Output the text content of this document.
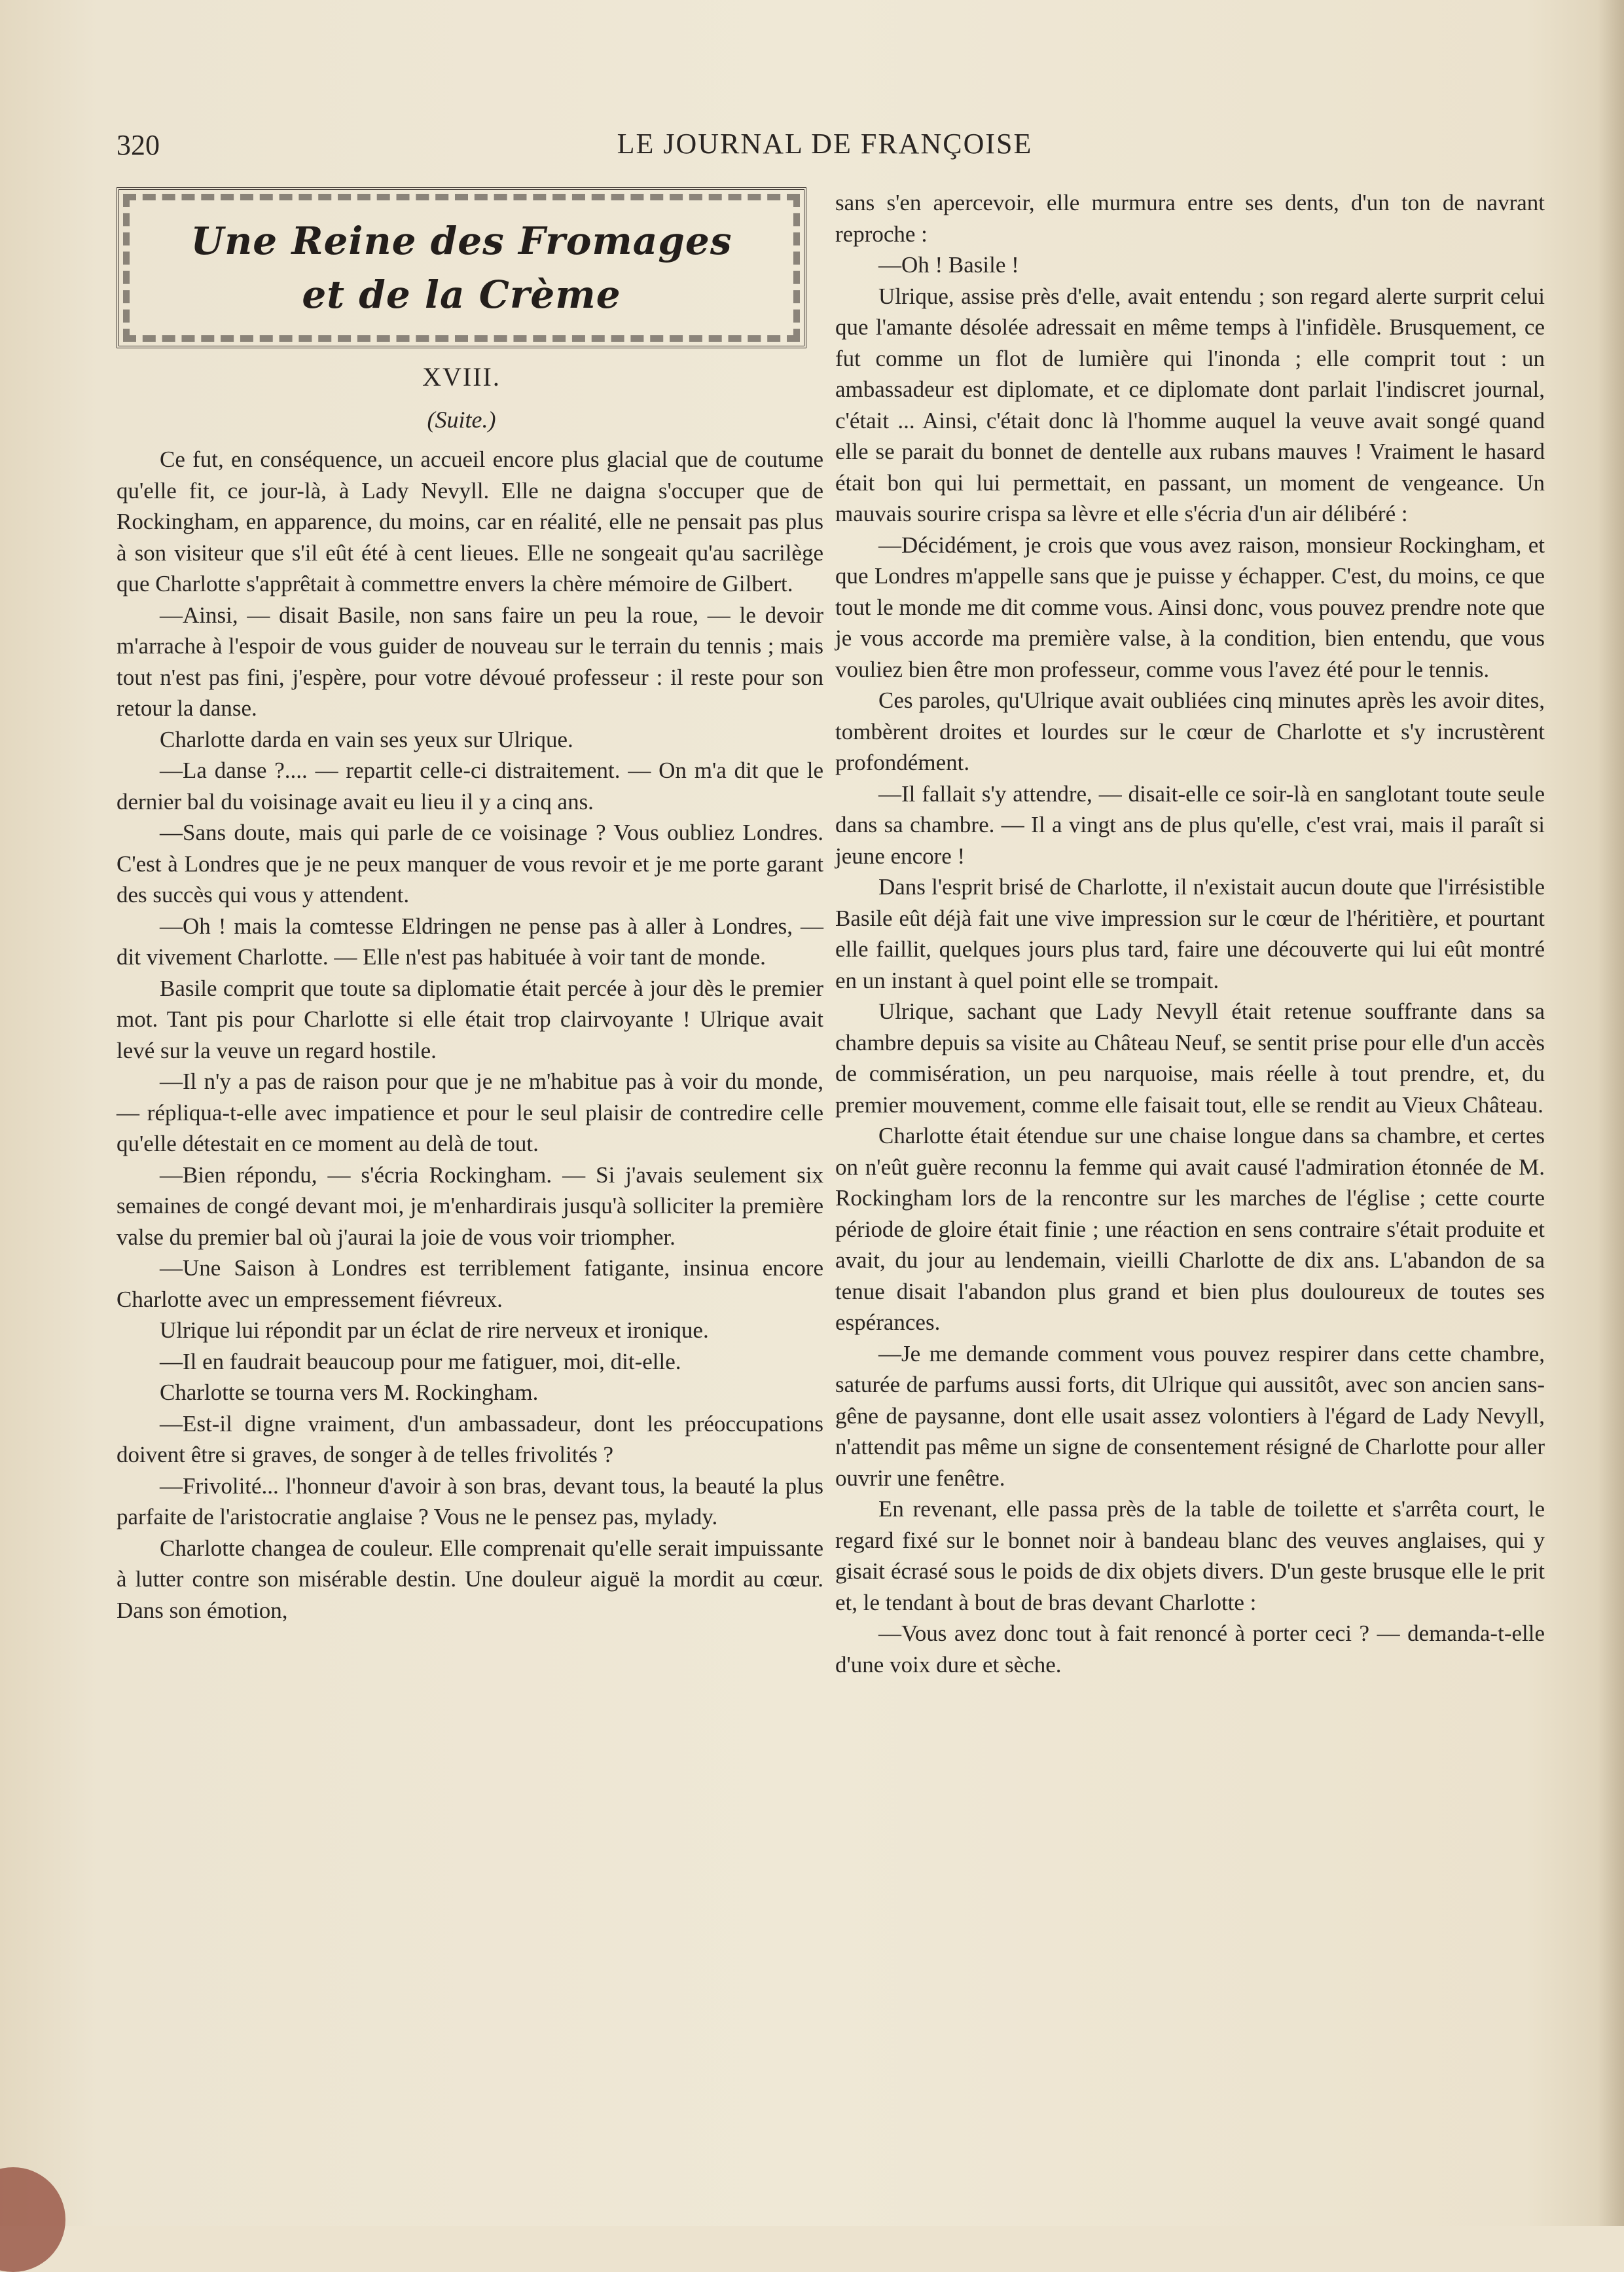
320	LE JOURNAL DE FRANÇOISE
Une Reine des Fromages
et de la Crème
XVIII.
(Suite.)

Ce fut, en conséquence, un accueil encore plus glacial que de coutume qu'elle fit, ce jour-là, à Lady Nevyll. Elle ne daigna s'occuper que de Rockingham, en apparence, du moins, car en réalité, elle ne pensait pas plus à son visiteur que s'il eût été à cent lieues. Elle ne songeait qu'au sacrilège que Charlotte s'apprêtait à commettre envers la chère mémoire de Gilbert.

—Ainsi, — disait Basile, non sans faire un peu la roue, — le devoir m'arrache à l'espoir de vous guider de nouveau sur le terrain du tennis ; mais tout n'est pas fini, j'espère, pour votre dévoué professeur : il reste pour son retour la danse.

Charlotte darda en vain ses yeux sur Ulrique.

—La danse ?.... — repartit celle-ci distraitement. — On m'a dit que le dernier bal du voisinage avait eu lieu il y a cinq ans.

—Sans doute, mais qui parle de ce voisinage ? Vous oubliez Londres. C'est à Londres que je ne peux manquer de vous revoir et je me porte garant des succès qui vous y attendent.

—Oh ! mais la comtesse Eldringen ne pense pas à aller à Londres, — dit vivement Charlotte. — Elle n'est pas habituée à voir tant de monde.

Basile comprit que toute sa diplomatie était percée à jour dès le premier mot. Tant pis pour Charlotte si elle était trop clairvoyante ! Ulrique avait levé sur la veuve un regard hostile.

—Il n'y a pas de raison pour que je ne m'habitue pas à voir du monde, — répliqua-t-elle avec impatience et pour le seul plaisir de contredire celle qu'elle détestait en ce moment au delà de tout.

—Bien répondu, — s'écria Rockingham. — Si j'avais seulement six semaines de congé devant moi, je m'enhardirais jusqu'à solliciter la première valse du premier bal où j'aurai la joie de vous voir triompher.

—Une Saison à Londres est terriblement fatigante, insinua encore Charlotte avec un empressement fiévreux.

Ulrique lui répondit par un éclat de rire nerveux et ironique.

—Il en faudrait beaucoup pour me fatiguer, moi, dit-elle.

Charlotte se tourna vers M. Rockingham.

—Est-il digne vraiment, d'un ambassadeur, dont les préoccupations doivent être si graves, de songer à de telles frivolités ?

—Frivolité... l'honneur d'avoir à son bras, devant tous, la beauté la plus parfaite de l'aristocratie anglaise ? Vous ne le pensez pas, mylady.

Charlotte changea de couleur. Elle comprenait qu'elle serait impuissante à lutter contre son misérable destin. Une douleur aiguë la mordit au cœur. Dans son émotion,

sans s'en apercevoir, elle murmura entre ses dents, d'un ton de navrant reproche :

—Oh ! Basile !

Ulrique, assise près d'elle, avait entendu ; son regard alerte surprit celui que l'amante désolée adressait en même temps à l'infidèle. Brusquement, ce fut comme un flot de lumière qui l'inonda ; elle comprit tout : un ambassadeur est diplomate, et ce diplomate dont parlait l'indiscret journal, c'était ... Ainsi, c'était donc là l'homme auquel la veuve avait songé quand elle se parait du bonnet de dentelle aux rubans mauves ! Vraiment le hasard était bon qui lui permettait, en passant, un moment de vengeance. Un mauvais sourire crispa sa lèvre et elle s'écria d'un air délibéré :

—Décidément, je crois que vous avez raison, monsieur Rockingham, et que Londres m'appelle sans que je puisse y échapper. C'est, du moins, ce que tout le monde me dit comme vous. Ainsi donc, vous pouvez prendre note que je vous accorde ma première valse, à la condition, bien entendu, que vous vouliez bien être mon professeur, comme vous l'avez été pour le tennis.

Ces paroles, qu'Ulrique avait oubliées cinq minutes après les avoir dites, tombèrent droites et lourdes sur le cœur de Charlotte et s'y incrustèrent profondément.

—Il fallait s'y attendre, — disait-elle ce soir-là en sanglotant toute seule dans sa chambre. — Il a vingt ans de plus qu'elle, c'est vrai, mais il paraît si jeune encore !

Dans l'esprit brisé de Charlotte, il n'existait aucun doute que l'irrésistible Basile eût déjà fait une vive impression sur le cœur de l'héritière, et pourtant elle faillit, quelques jours plus tard, faire une découverte qui lui eût montré en un instant à quel point elle se trompait.

Ulrique, sachant que Lady Nevyll était retenue souffrante dans sa chambre depuis sa visite au Château Neuf, se sentit prise pour elle d'un accès de commisération, un peu narquoise, mais réelle à tout prendre, et, du premier mouvement, comme elle faisait tout, elle se rendit au Vieux Château.

Charlotte était étendue sur une chaise longue dans sa chambre, et certes on n'eût guère reconnu la femme qui avait causé l'admiration étonnée de M. Rockingham lors de la rencontre sur les marches de l'église ; cette courte période de gloire était finie ; une réaction en sens contraire s'était produite et avait, du jour au lendemain, vieilli Charlotte de dix ans. L'abandon de sa tenue disait l'abandon plus grand et bien plus douloureux de toutes ses espérances.

—Je me demande comment vous pouvez respirer dans cette chambre, saturée de parfums aussi forts, dit Ulrique qui aussitôt, avec son ancien sans-gêne de paysanne, dont elle usait assez volontiers à l'égard de Lady Nevyll, n'attendit pas même un signe de consentement résigné de Charlotte pour aller ouvrir une fenêtre.

En revenant, elle passa près de la table de toilette et s'arrêta court, le regard fixé sur le bonnet noir à bandeau blanc des veuves anglaises, qui y gisait écrasé sous le poids de dix objets divers. D'un geste brusque elle le prit et, le tendant à bout de bras devant Charlotte :

—Vous avez donc tout à fait renoncé à porter ceci ? — demanda-t-elle d'une voix dure et sèche.
